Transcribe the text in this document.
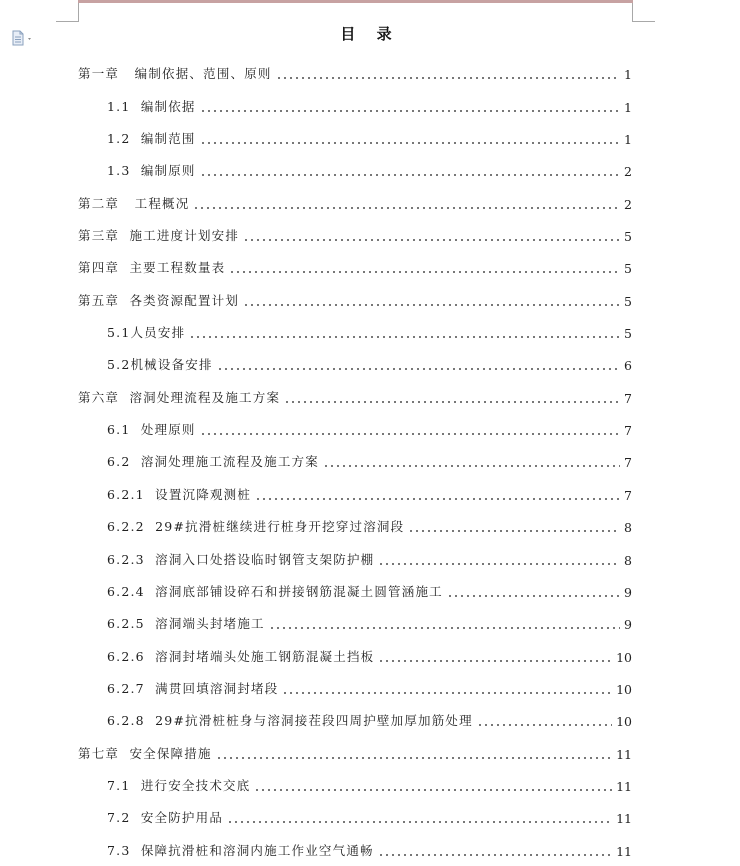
目 录
第一章   编制依据、范围、原则	1
1.1  编制依据	1
1.2  编制范围	1
1.3  编制原则	2
第二章   工程概况	2
第三章  施工进度计划安排	5
第四章  主要工程数量表	5
第五章  各类资源配置计划	5
5.1人员安排	5
5.2机械设备安排	6
第六章  溶洞处理流程及施工方案	7
6.1  处理原则	7
6.2  溶洞处理施工流程及施工方案	7
6.2.1  设置沉降观测桩	7
6.2.2  29#抗滑桩继续进行桩身开挖穿过溶洞段	8
6.2.3  溶洞入口处搭设临时钢管支架防护棚	8
6.2.4  溶洞底部铺设碎石和拼接钢筋混凝土圆管涵施工	9
6.2.5  溶洞端头封堵施工	9
6.2.6  溶洞封堵端头处施工钢筋混凝土挡板	10
6.2.7  满贯回填溶洞封堵段	10
6.2.8  29#抗滑桩桩身与溶洞接茬段四周护壁加厚加筋处理	10
第七章  安全保障措施	11
7.1  进行安全技术交底	11
7.2  安全防护用品	11
7.3  保障抗滑桩和溶洞内施工作业空气通畅	11
